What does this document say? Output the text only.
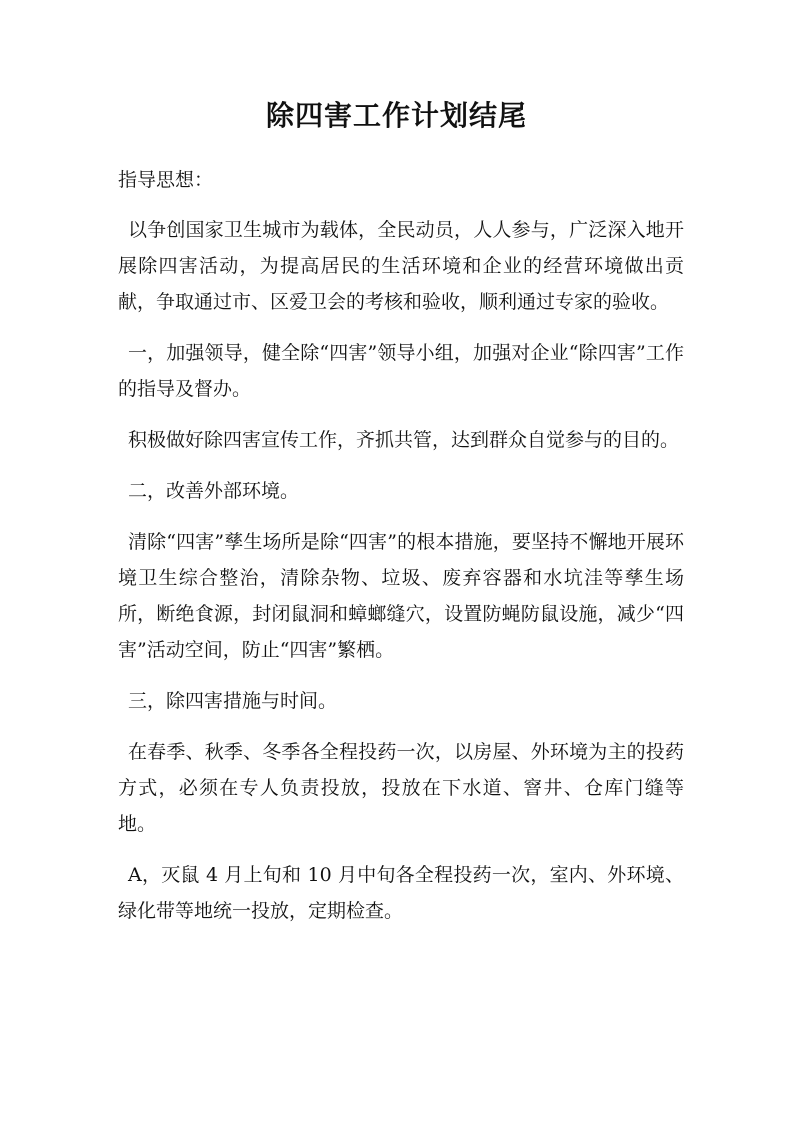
除四害工作计划结尾

指导思想：

以争创国家卫生城市为载体，全民动员，人人参与，广泛深入地开展除四害活动，为提高居民的生活环境和企业的经营环境做出贡献，争取通过市、区爱卫会的考核和验收，顺利通过专家的验收。

一，加强领导，健全除“四害”领导小组，加强对企业“除四害”工作的指导及督办。

积极做好除四害宣传工作，齐抓共管，达到群众自觉参与的目的。

二，改善外部环境。

清除“四害”孳生场所是除“四害”的根本措施，要坚持不懈地开展环境卫生综合整治，清除杂物、垃圾、废弃容器和水坑洼等孳生场所，断绝食源，封闭鼠洞和蟑螂缝穴，设置防蝇防鼠设施，减少“四害”活动空间，防止“四害”繁栖。

三，除四害措施与时间。

在春季、秋季、冬季各全程投药一次，以房屋、外环境为主的投药方式，必须在专人负责投放，投放在下水道、窨井、仓库门缝等地。

A，灭鼠 4 月上旬和 10 月中旬各全程投药一次，室内、外环境、绿化带等地统一投放，定期检查。
